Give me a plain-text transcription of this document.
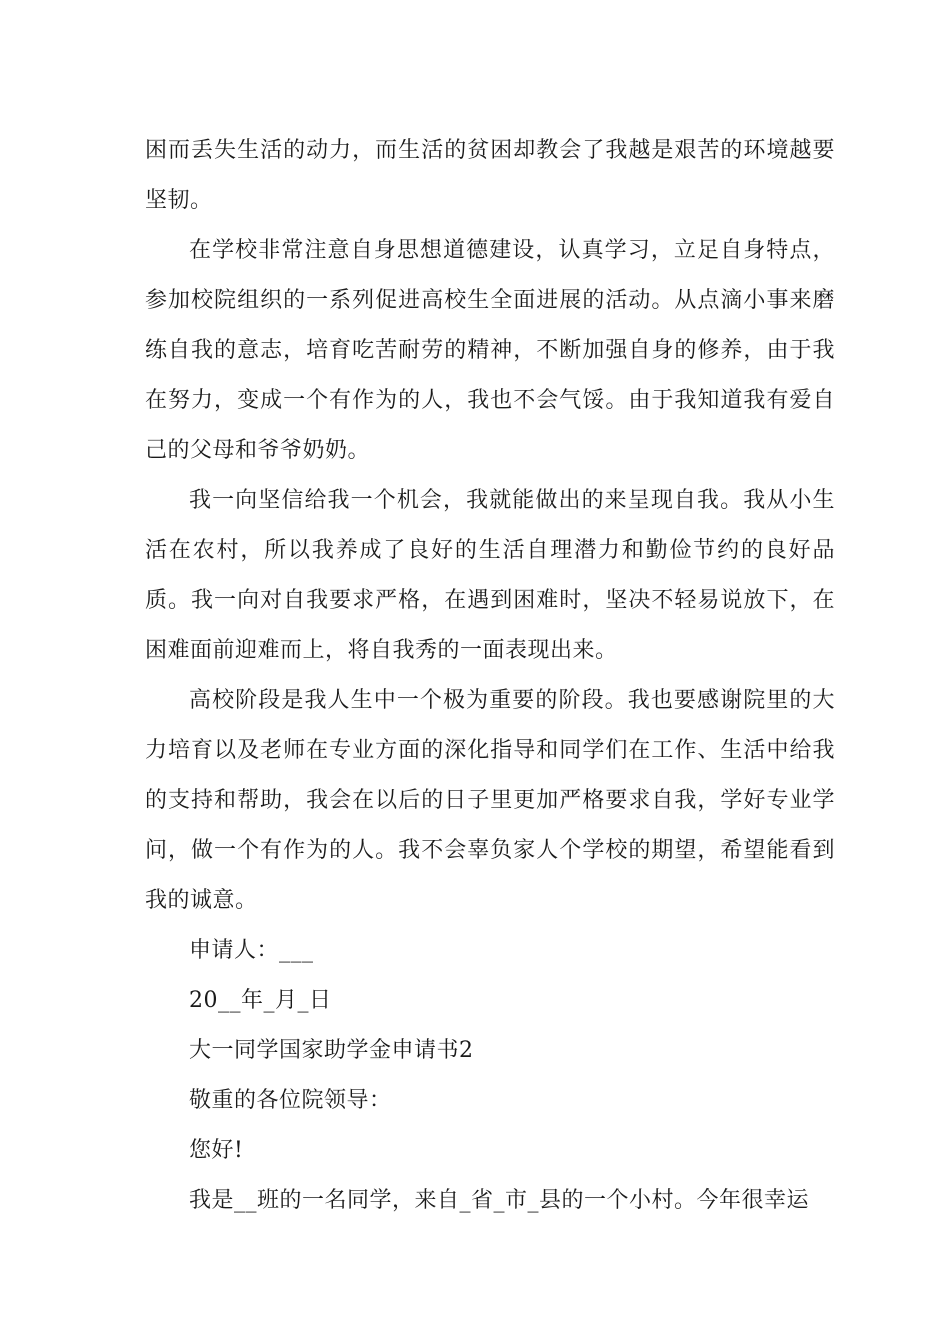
困而丢失生活的动力，而生活的贫困却教会了我越是艰苦的环境越要坚韧。

在学校非常注意自身思想道德建设，认真学习，立足自身特点，参加校院组织的一系列促进高校生全面进展的活动。从点滴小事来磨练自我的意志，培育吃苦耐劳的精神，不断加强自身的修养，由于我在努力，变成一个有作为的人，我也不会气馁。由于我知道我有爱自己的父母和爷爷奶奶。

我一向坚信给我一个机会，我就能做出的来呈现自我。我从小生活在农村，所以我养成了良好的生活自理潜力和勤俭节约的良好品质。我一向对自我要求严格，在遇到困难时，坚决不轻易说放下，在困难面前迎难而上，将自我秀的一面表现出来。

高校阶段是我人生中一个极为重要的阶段。我也要感谢院里的大力培育以及老师在专业方面的深化指导和同学们在工作、生活中给我的支持和帮助，我会在以后的日子里更加严格要求自我，学好专业学问，做一个有作为的人。我不会辜负家人个学校的期望，希望能看到我的诚意。

申请人：___

20__年_月_日

大一同学国家助学金申请书2

敬重的各位院领导：

您好!

我是__班的一名同学，来自_省_市_县的一个小村。今年很幸运
